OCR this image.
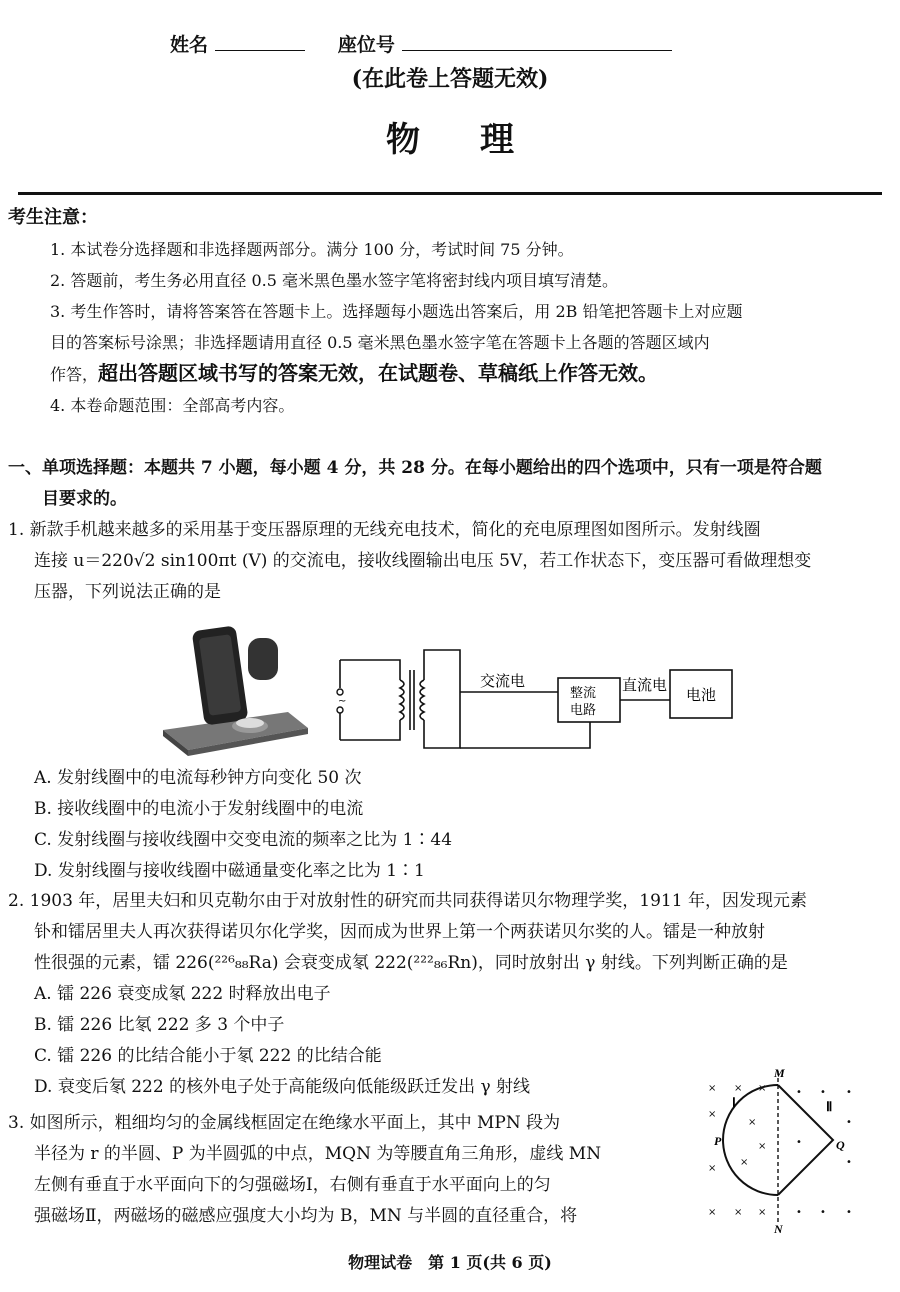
姓名	座位号
(在此卷上答题无效)
物理
考生注意：
1. 本试卷分选择题和非选择题两部分。满分 100 分，考试时间 75 分钟。
2. 答题前，考生务必用直径 0.5 毫米黑色墨水签字笔将密封线内项目填写清楚。
3. 考生作答时，请将答案答在答题卡上。选择题每小题选出答案后，用 2B 铅笔把答题卡上对应题
目的答案标号涂黑；非选择题请用直径 0.5 毫米黑色墨水签字笔在答题卡上各题的答题区域内
作答，超出答题区域书写的答案无效，在试题卷、草稿纸上作答无效。
4. 本卷命题范围：全部高考内容。
一、单项选择题：本题共 7 小题，每小题 4 分，共 28 分。在每小题给出的四个选项中，只有一项是符合题
目要求的。
1. 新款手机越来越多的采用基于变压器原理的无线充电技术，简化的充电原理图如图所示。发射线圈
连接 u＝220√2 sin100πt (V) 的交流电，接收线圈输出电压 5V，若工作状态下，变压器可看做理想变
压器，下列说法正确的是
~
交流电
整流
电路
直流电
电池
A. 发射线圈中的电流每秒钟方向变化 50 次
B. 接收线圈中的电流小于发射线圈中的电流
C. 发射线圈与接收线圈中交变电流的频率之比为 1∶44
D. 发射线圈与接收线圈中磁通量变化率之比为 1∶1
2. 1903 年，居里夫妇和贝克勒尔由于对放射性的研究而共同获得诺贝尔物理学奖，1911 年，因发现元素
钋和镭居里夫人再次获得诺贝尔化学奖，因而成为世界上第一个两获诺贝尔奖的人。镭是一种放射
性很强的元素，镭 226(²²⁶₈₈Ra) 会衰变成氡 222(²²²₈₆Rn)，同时放射出 γ 射线。下列判断正确的是
A. 镭 226 衰变成氡 222 时释放出电子
B. 镭 226 比氡 222 多 3 个中子
C. 镭 226 的比结合能小于氡 222 的比结合能
D. 衰变后氡 222 的核外电子处于高能级向低能级跃迁发出 γ 射线
3. 如图所示，粗细均匀的金属线框固定在绝缘水平面上，其中 MPN 段为
半径为 r 的半圆、P 为半圆弧的中点，MQN 为等腰直角三角形，虚线 MN
左侧有垂直于水平面向下的匀强磁场Ⅰ，右侧有垂直于水平面向上的匀
强磁场Ⅱ，两磁场的磁感应强度大小均为 B，MN 与半圆的直径重合，将
× × ×
×
×
×
×
×
× × ×
• • •
•
•
•
• • •
M
N
P	Q
Ⅰ	Ⅱ
物理试卷　第 1 页(共 6 页)
